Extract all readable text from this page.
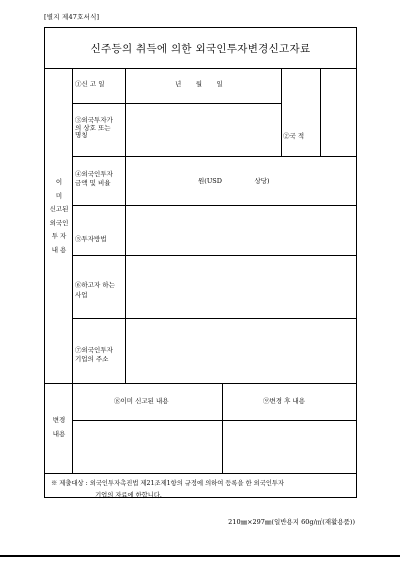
[별지 제47호서식]
신주등의 취득에 의한 외국인투자변경신고자료
이
미
신고된
외국인
투 자
내 용
①신 고 일	년　　월　　일
②국 적
③외국투자가
의 상호 또는
명칭
④외국인투자
금액 및 비율	원(USD　　　　　상당)
⑤투자방법
⑥하고자 하는
사업
⑦외국인투자
기업의 주소
변경
내용
⑧이미 신고된 내용	⑨변경 후 내용
※ 제출대상 : 외국인투자촉진법 제21조제1항의 규정에 의하여 등록을 한 외국인투자
　　　　　　　기업의 자료에 한합니다.
210㎜×297㎜(일반용지 60g/㎡(재활용품))
